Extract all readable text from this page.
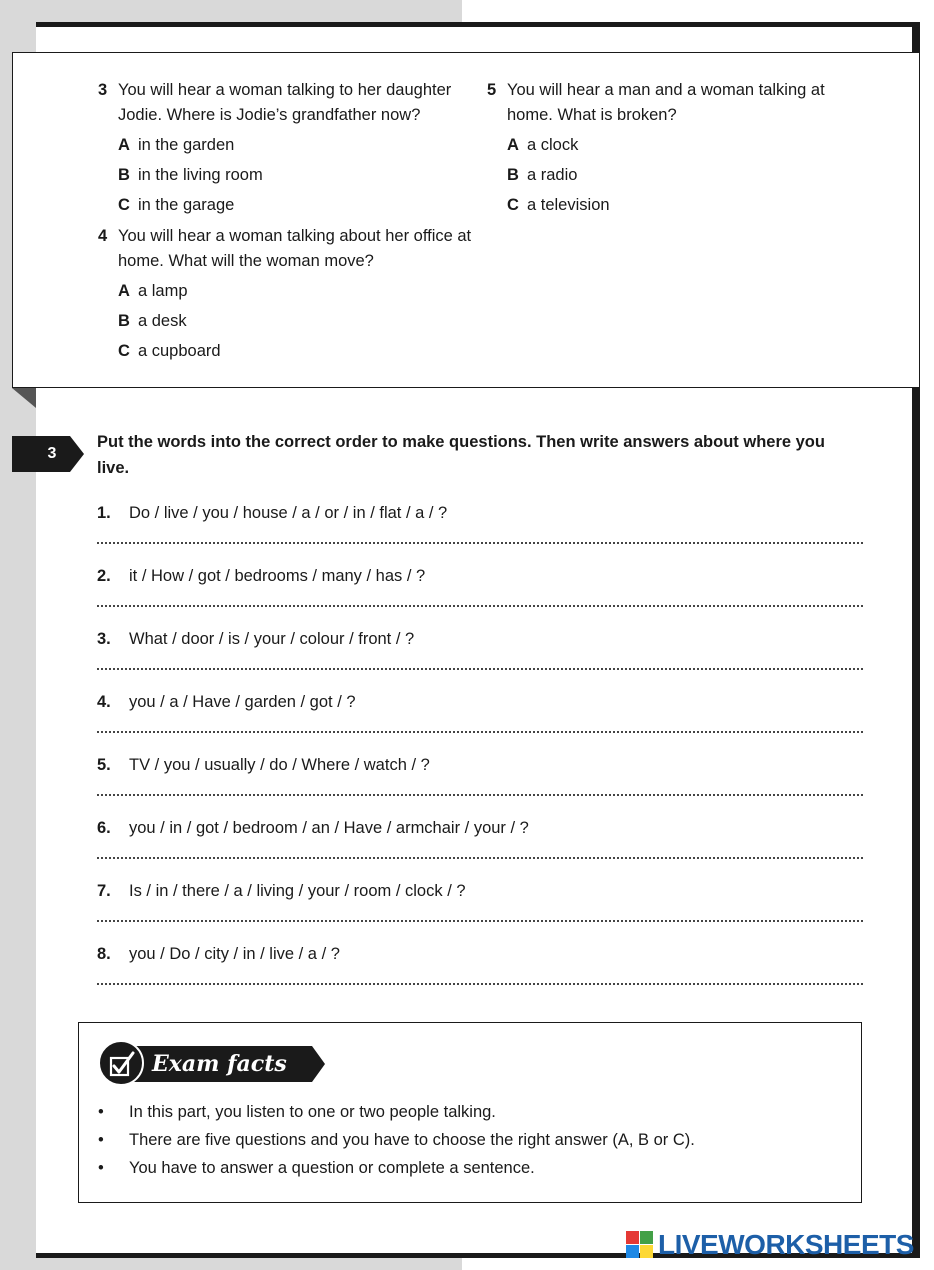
3 You will hear a woman talking to her daughter Jodie. Where is Jodie’s grandfather now?
A in the garden
B in the living room
C in the garage
4 You will hear a woman talking about her office at home. What will the woman move?
A a lamp
B a desk
C a cupboard
5 You will hear a man and a woman talking at home. What is broken?
A a clock
B a radio
C a television
3
Put the words into the correct order to make questions. Then write answers about where you live.
1. Do / live / you / house / a / or / in / flat / a / ?
2. it / How / got / bedrooms / many / has / ?
3. What / door / is / your / colour / front / ?
4. you / a / Have / garden / got / ?
5. TV / you / usually / do / Where / watch / ?
6. you / in / got / bedroom / an / Have / armchair / your / ?
7. Is / in / there / a / living / your / room / clock / ?
8. you / Do / city / in / live / a / ?
Exam facts
• In this part, you listen to one or two people talking.
• There are five questions and you have to choose the right answer (A, B or C).
• You have to answer a question or complete a sentence.
LIVEWORKSHEETS
